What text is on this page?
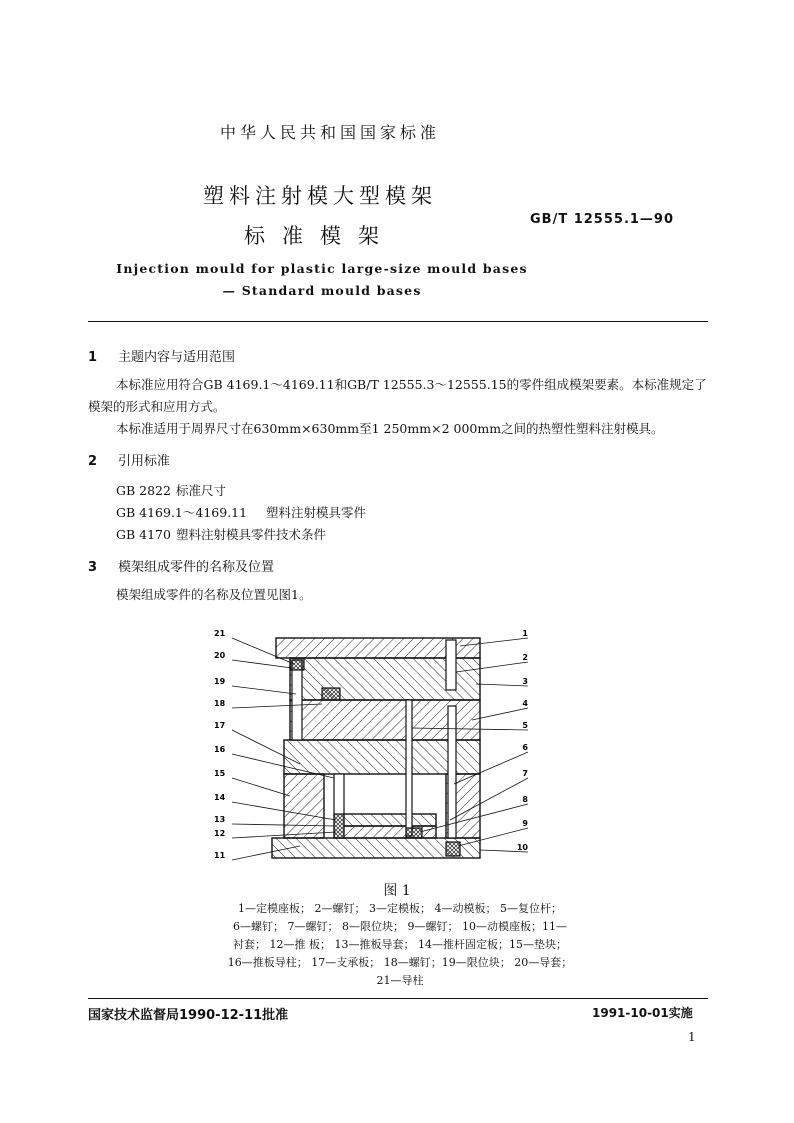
中华人民共和国国家标准
塑料注射模大型模架
标准模架
GB/T 12555.1—90
Injection mould for plastic large-size mould bases
— Standard mould bases
1 主题内容与适用范围
本标准应用符合GB 4169.1～4169.11和GB/T 12555.3～12555.15的零件组成模架要素。本标准规定了模架的形式和应用方式。
本标准适用于周界尺寸在630mm×630mm至1 250mm×2 000mm之间的热塑性塑料注射模具。
2 引用标准
GB 2822 标准尺寸
GB 4169.1～4169.11 塑料注射模具零件
GB 4170 塑料注射模具零件技术条件
3 模架组成零件的名称及位置
模架组成零件的名称及位置见图1。
21
20
19
18
17
16
15
14
13
12
11
1
2
3
4
5
6
7
8
9
10
图 1
1—定模座板； 2—螺钉； 3—定模板； 4—动模板； 5—复位杆；
6—螺钉； 7—螺钉； 8—限位块； 9—螺钉； 10—动模座板；11—
衬套； 12—推 板； 13—推板导套； 14—推杆固定板；15—垫块；
16—推板导柱； 17—支承板； 18—螺钉；19—限位块； 20—导套；
21—导柱
国家技术监督局1990-12-11批准	1991-10-01实施
1
